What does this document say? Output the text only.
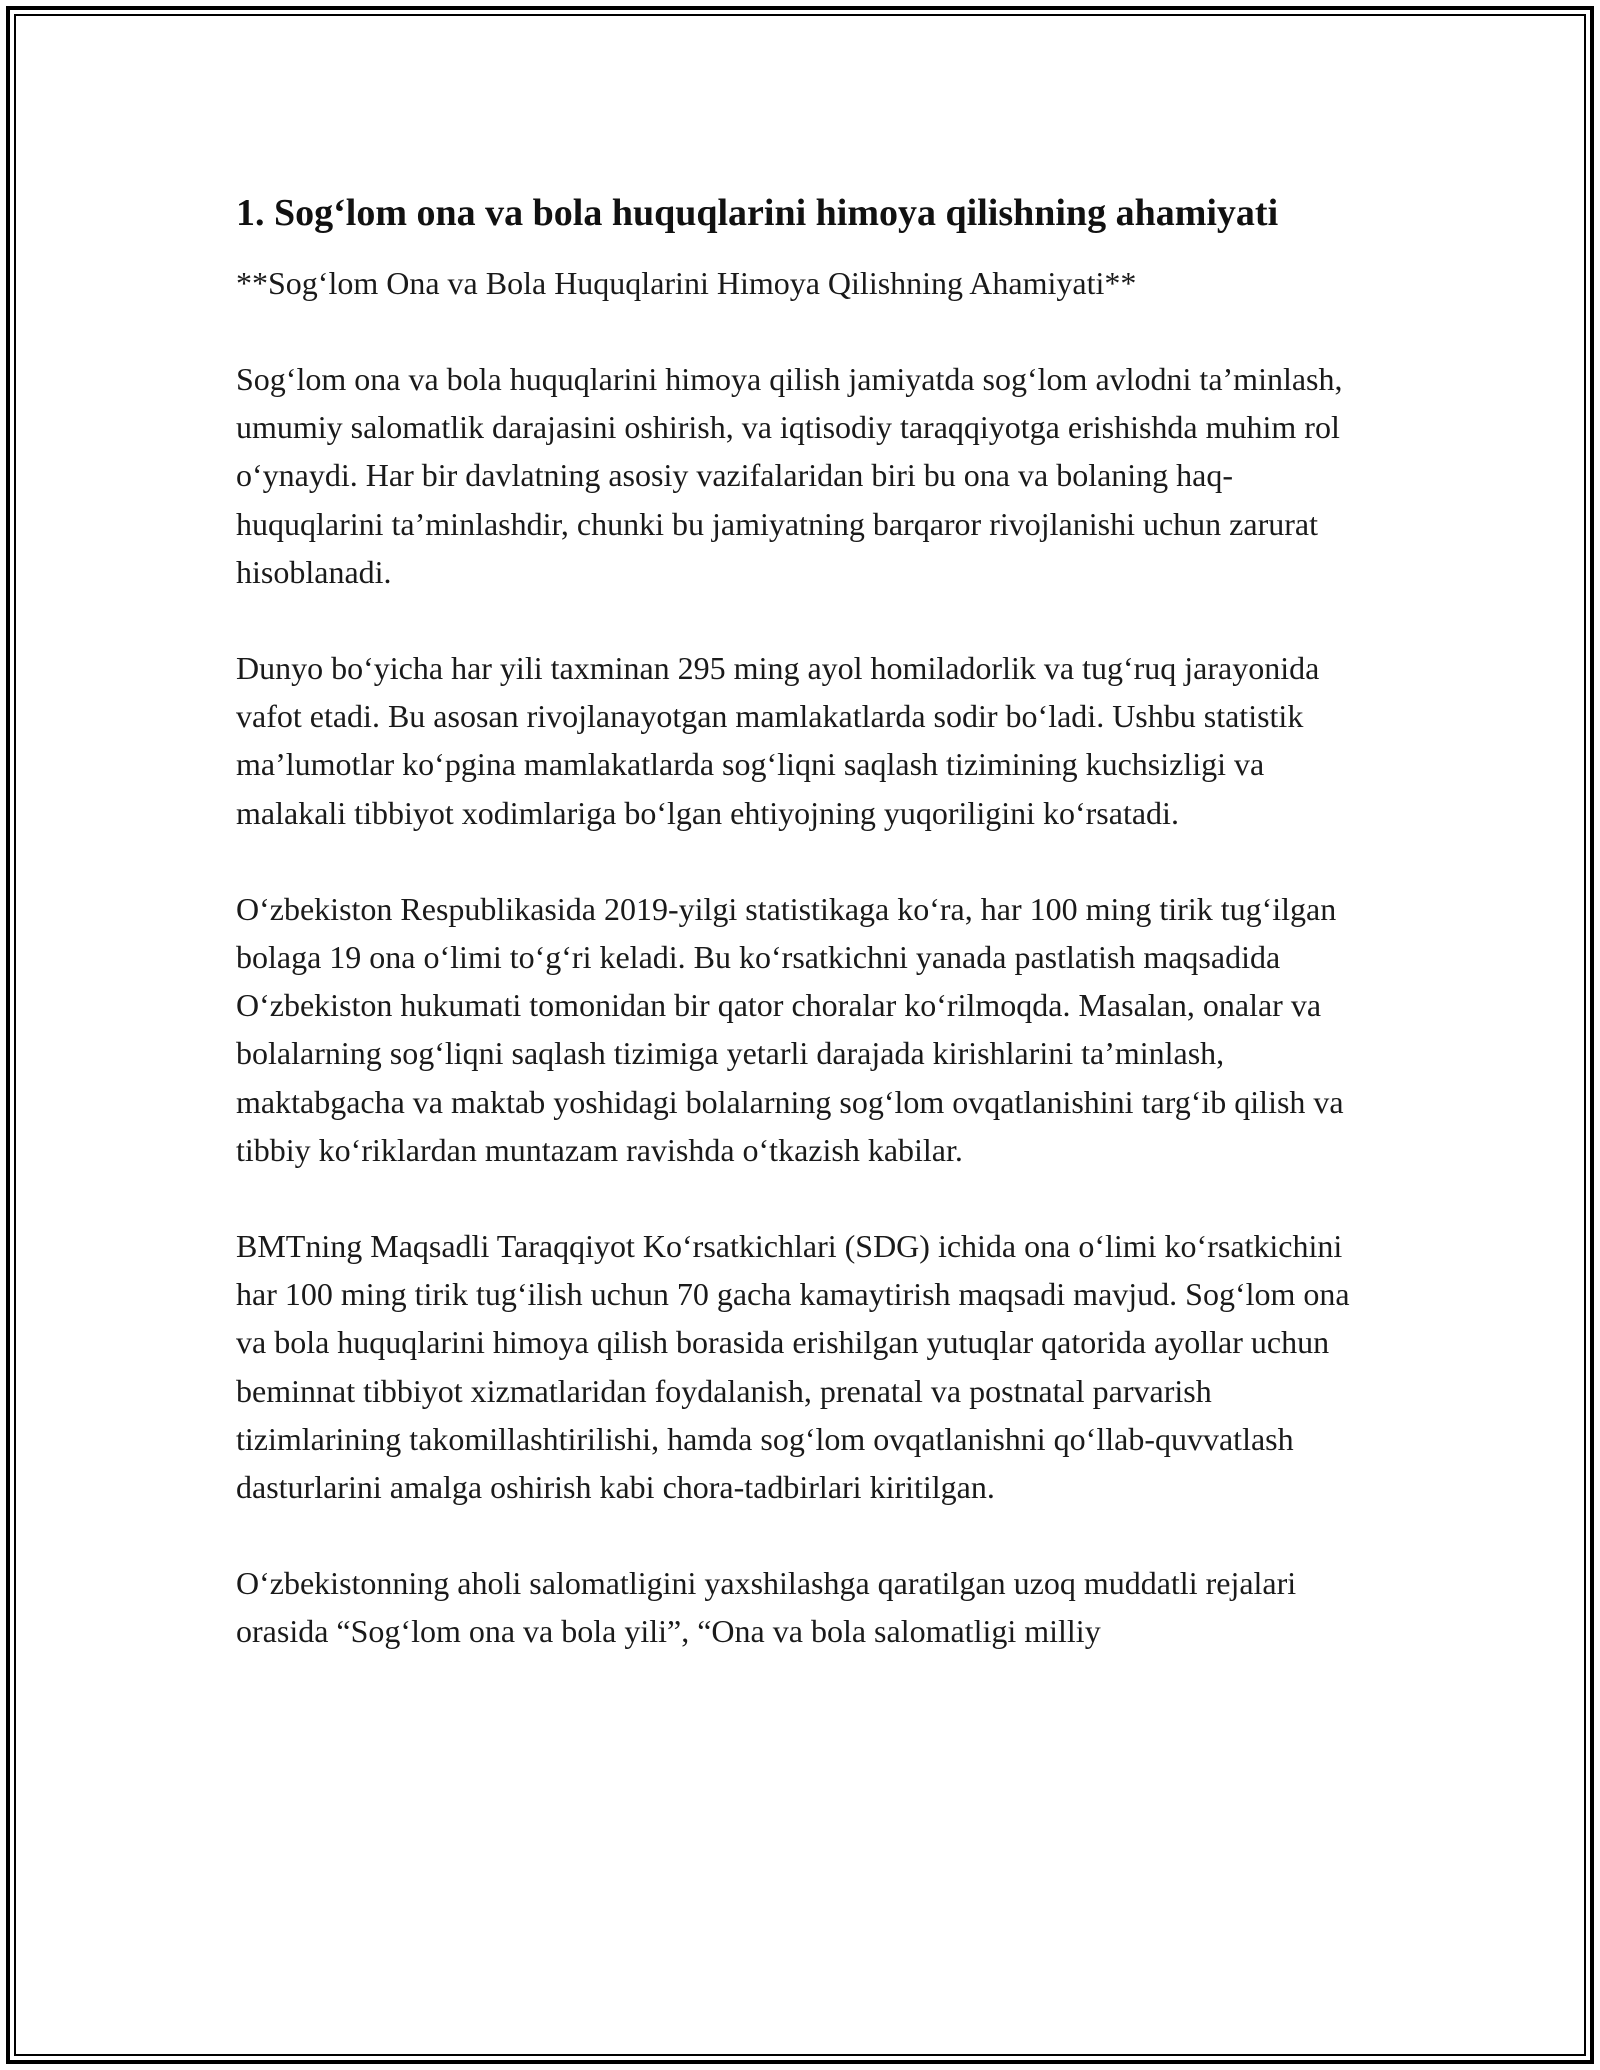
1. Sog‘lom ona va bola huquqlarini himoya qilishning ahamiyati

**Sog‘lom Ona va Bola Huquqlarini Himoya Qilishning Ahamiyati**

Sog‘lom ona va bola huquqlarini himoya qilish jamiyatda sog‘lom avlodni ta’minlash, umumiy salomatlik darajasini oshirish, va iqtisodiy taraqqiyotga erishishda muhim rol o‘ynaydi. Har bir davlatning asosiy vazifalaridan biri bu ona va bolaning haq-huquqlarini ta’minlashdir, chunki bu jamiyatning barqaror rivojlanishi uchun zarurat hisoblanadi.

Dunyo bo‘yicha har yili taxminan 295 ming ayol homiladorlik va tug‘ruq jarayonida vafot etadi. Bu asosan rivojlanayotgan mamlakatlarda sodir bo‘ladi. Ushbu statistik ma’lumotlar ko‘pgina mamlakatlarda sog‘liqni saqlash tizimining kuchsizligi va malakali tibbiyot xodimlariga bo‘lgan ehtiyojning yuqoriligini ko‘rsatadi.

O‘zbekiston Respublikasida 2019-yilgi statistikaga ko‘ra, har 100 ming tirik tug‘ilgan bolaga 19 ona o‘limi to‘g‘ri keladi. Bu ko‘rsatkichni yanada pastlatish maqsadida O‘zbekiston hukumati tomonidan bir qator choralar ko‘rilmoqda. Masalan, onalar va bolalarning sog‘liqni saqlash tizimiga yetarli darajada kirishlarini ta’minlash, maktabgacha va maktab yoshidagi bolalarning sog‘lom ovqatlanishini targ‘ib qilish va tibbiy ko‘riklardan muntazam ravishda o‘tkazish kabilar.

BMTning Maqsadli Taraqqiyot Ko‘rsatkichlari (SDG) ichida ona o‘limi ko‘rsatkichini har 100 ming tirik tug‘ilish uchun 70 gacha kamaytirish maqsadi mavjud. Sog‘lom ona va bola huquqlarini himoya qilish borasida erishilgan yutuqlar qatorida ayollar uchun beminnat tibbiyot xizmatlaridan foydalanish, prenatal va postnatal parvarish tizimlarining takomillashtirilishi, hamda sog‘lom ovqatlanishni qo‘llab-quvvatlash dasturlarini amalga oshirish kabi chora-tadbirlari kiritilgan.

O‘zbekistonning aholi salomatligini yaxshilashga qaratilgan uzoq muddatli rejalari orasida “Sog‘lom ona va bola yili”, “Ona va bola salomatligi milliy
